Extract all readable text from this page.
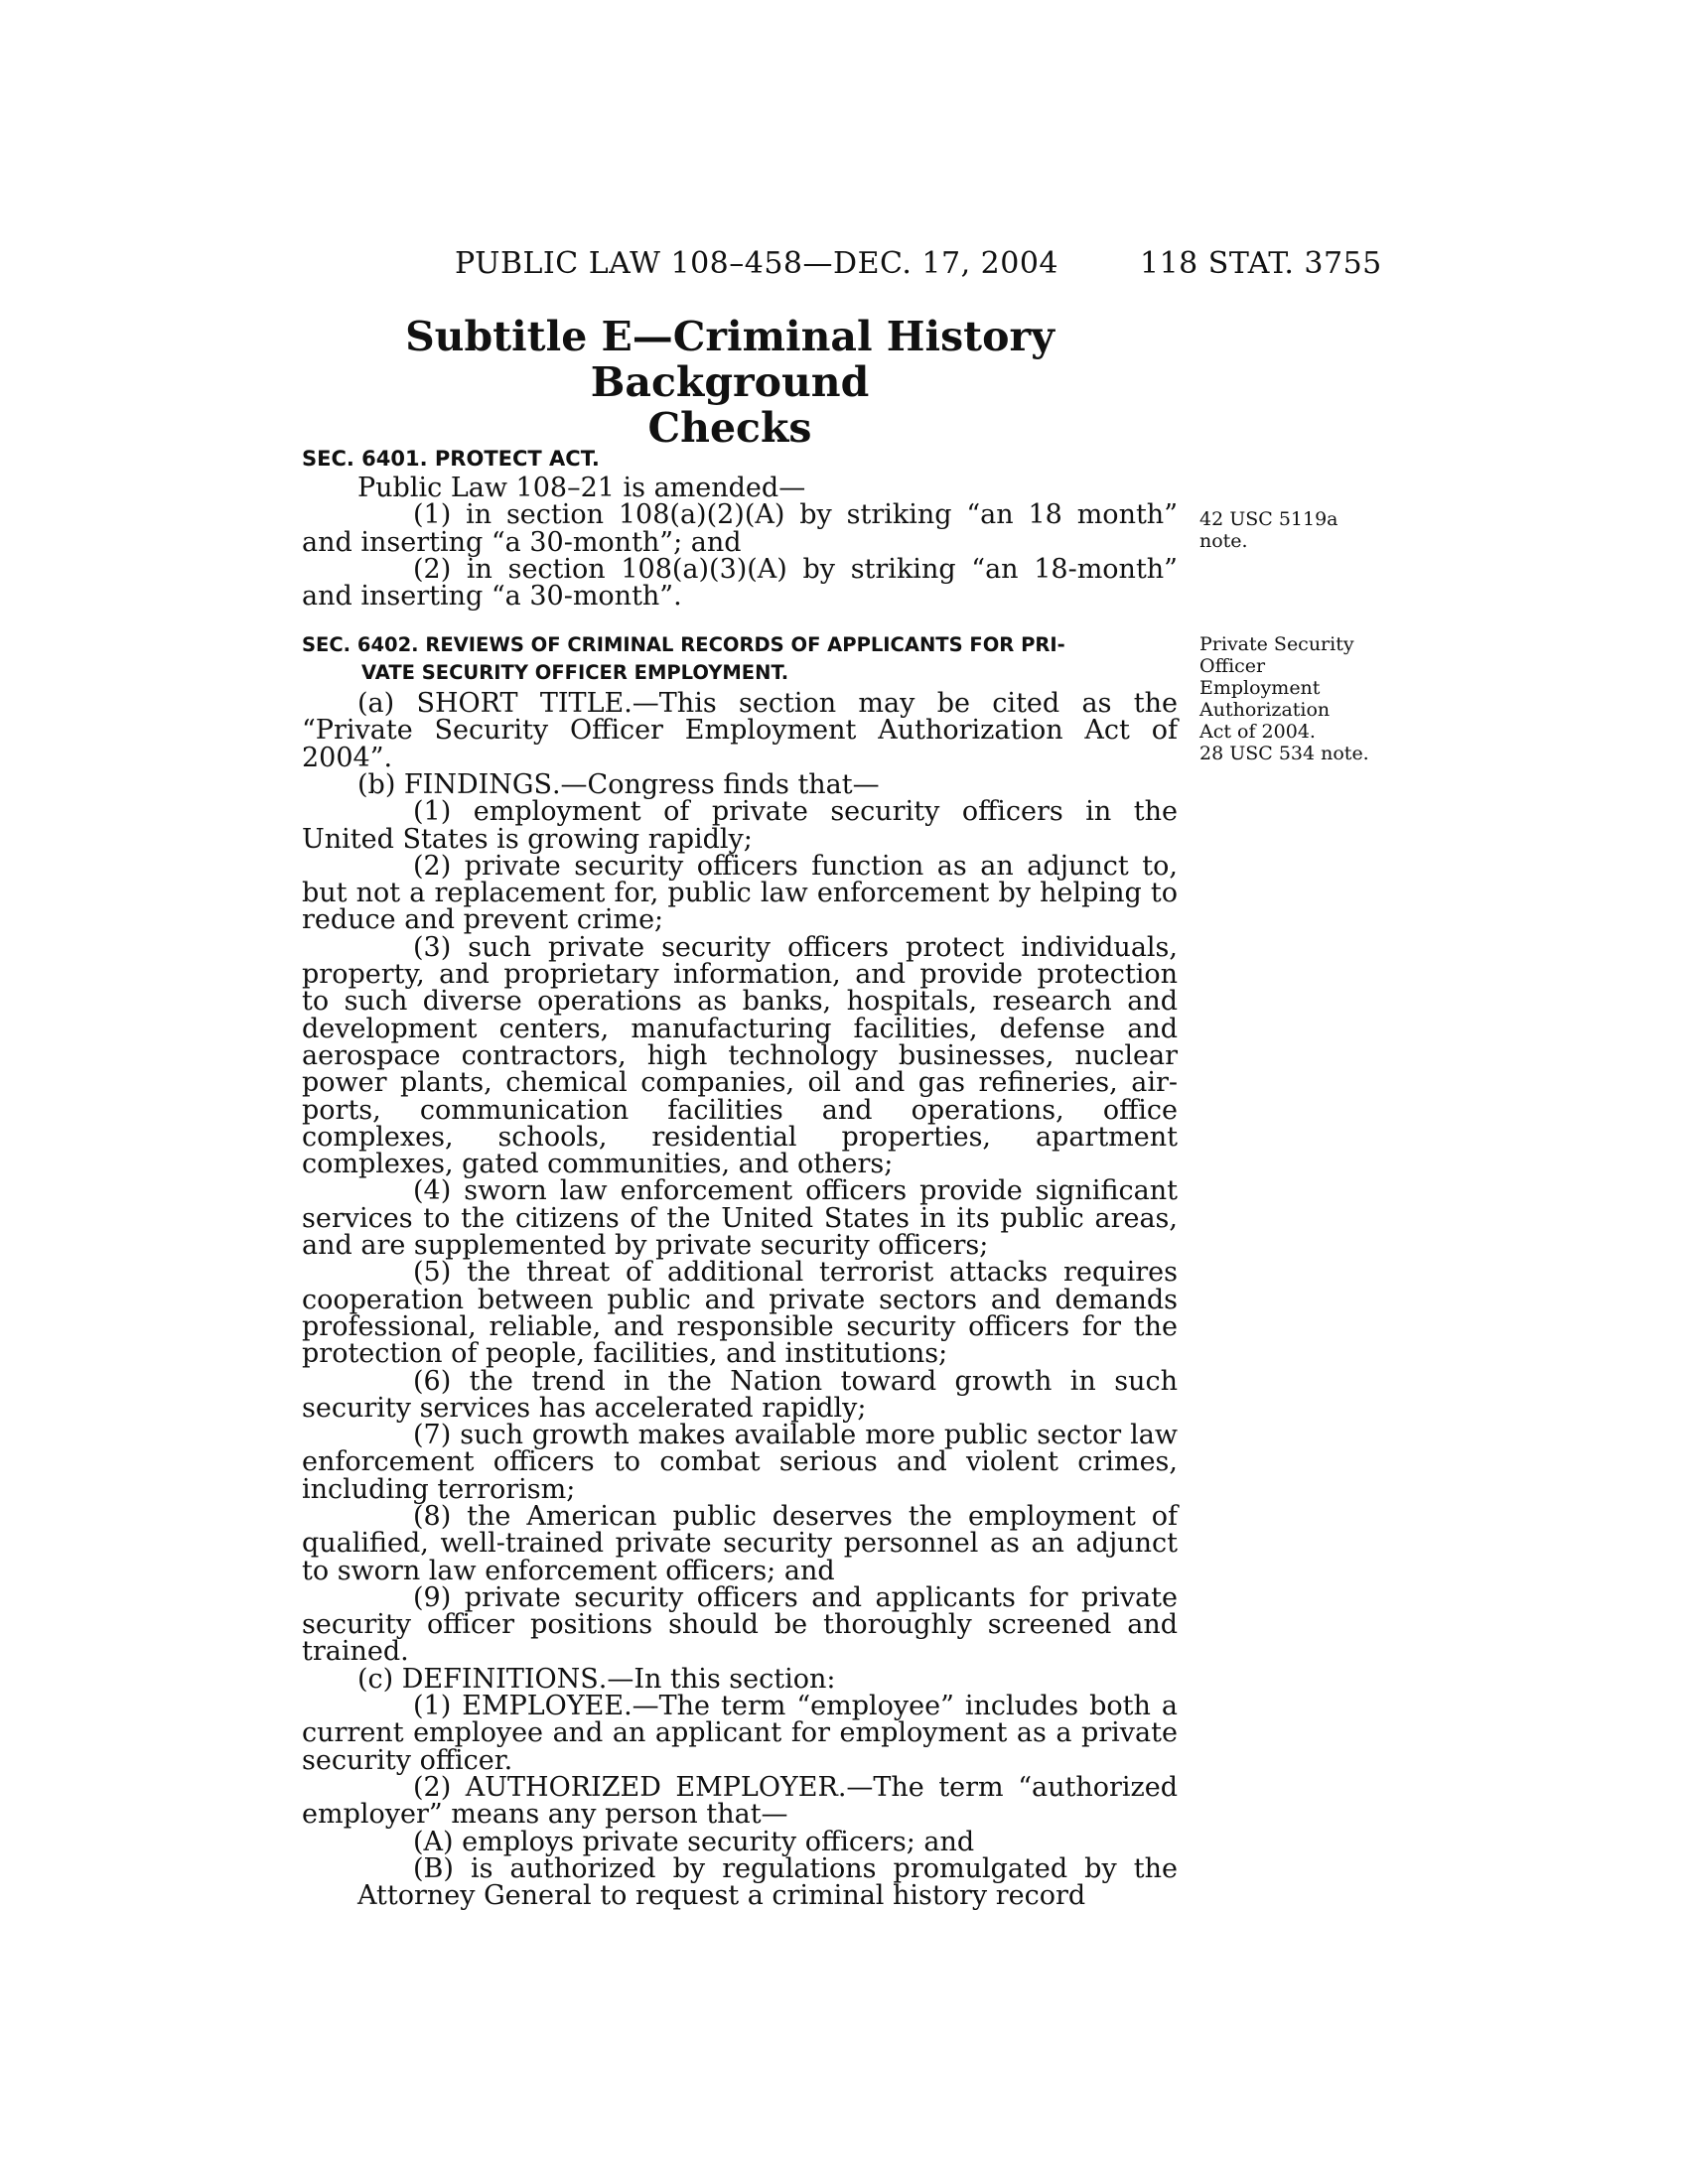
PUBLIC LAW 108–458—DEC. 17, 2004	118 STAT. 3755
Subtitle E—Criminal History Background
Checks
SEC. 6401. PROTECT ACT.

Public Law 108–21 is amended—

(1) in section 108(a)(2)(A) by striking “an 18 month” and inserting “a 30-month”; and

(2) in section 108(a)(3)(A) by striking “an 18-month” and inserting “a 30-month”.

SEC. 6402. REVIEWS OF CRIMINAL RECORDS OF APPLICANTS FOR PRI-
VATE SECURITY OFFICER EMPLOYMENT.

(a) SHORT TITLE.—This section may be cited as the “Private Security Officer Employment Authorization Act of 2004”.

(b) FINDINGS.—Congress finds that—

(1) employment of private security officers in the United States is growing rapidly;

(2) private security officers function as an adjunct to, but not a replacement for, public law enforcement by helping to reduce and prevent crime;

(3) such private security officers protect individuals, property, and proprietary information, and provide protection to such diverse operations as banks, hospitals, research and development centers, manufacturing facilities, defense and aerospace contractors, high technology businesses, nuclear power plants, chemical companies, oil and gas refineries, airports, communication facilities and operations, office complexes, schools, residential properties, apartment complexes, gated communities, and others;

(4) sworn law enforcement officers provide significant services to the citizens of the United States in its public areas, and are supplemented by private security officers;

(5) the threat of additional terrorist attacks requires cooperation between public and private sectors and demands professional, reliable, and responsible security officers for the protection of people, facilities, and institutions;

(6) the trend in the Nation toward growth in such security services has accelerated rapidly;

(7) such growth makes available more public sector law enforcement officers to combat serious and violent crimes, including terrorism;

(8) the American public deserves the employment of qualified, well-trained private security personnel as an adjunct to sworn law enforcement officers; and

(9) private security officers and applicants for private security officer positions should be thoroughly screened and trained.

(c) DEFINITIONS.—In this section:

(1) EMPLOYEE.—The term “employee” includes both a current employee and an applicant for employment as a private security officer.

(2) AUTHORIZED EMPLOYER.—The term “authorized employer” means any person that—

(A) employs private security officers; and

(B) is authorized by regulations promulgated by the Attorney General to request a criminal history record

42 USC 5119a
note.
Private Security
Officer
Employment
Authorization
Act of 2004.
28 USC 534 note.
